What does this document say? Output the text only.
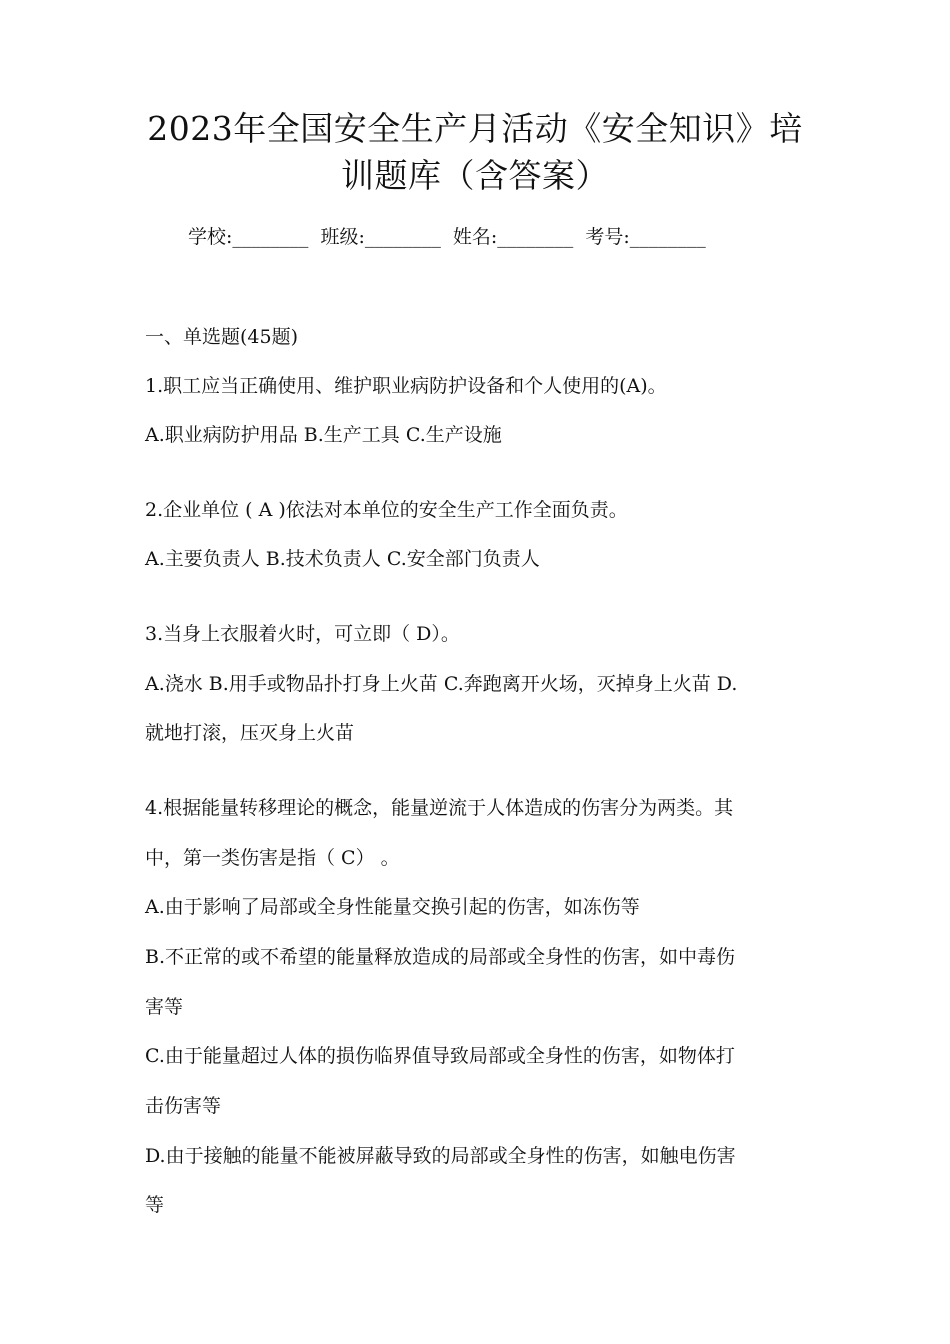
2023年全国安全生产月活动《安全知识》培
训题库（含答案）
学校:________ 班级:________ 姓名:________ 考号:________
一、单选题(45题)
1.职工应当正确使用、维护职业病防护设备和个人使用的(A)。
A.职业病防护用品 B.生产工具 C.生产设施
2.企业单位 ( A )依法对本单位的安全生产工作全面负责。
A.主要负责人 B.技术负责人 C.安全部门负责人
3.当身上衣服着火时，可立即（ D）。
A.浇水 B.用手或物品扑打身上火苗 C.奔跑离开火场，灭掉身上火苗 D.
就地打滚，压灭身上火苗
4.根据能量转移理论的概念，能量逆流于人体造成的伤害分为两类。其
中，第一类伤害是指（ C） 。
A.由于影响了局部或全身性能量交换引起的伤害，如冻伤等
B.不正常的或不希望的能量释放造成的局部或全身性的伤害，如中毒伤
害等
C.由于能量超过人体的损伤临界值导致局部或全身性的伤害，如物体打
击伤害等
D.由于接触的能量不能被屏蔽导致的局部或全身性的伤害，如触电伤害
等
